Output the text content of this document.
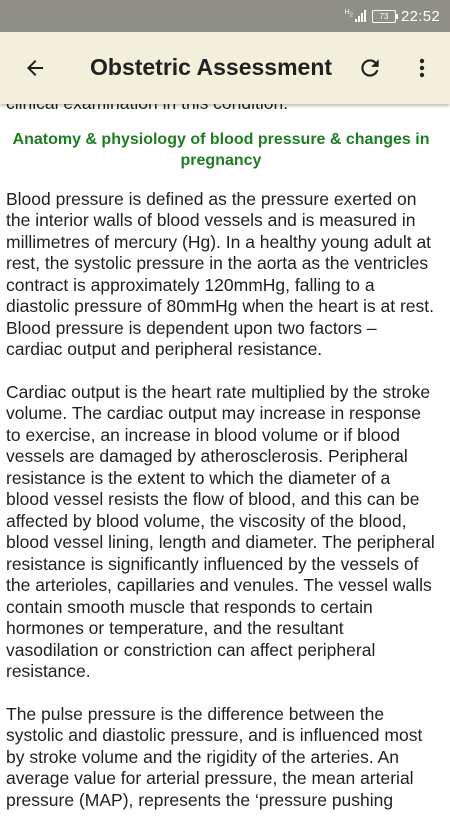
$H_2$	73 22:52
Obstetric Assessment

Anatomy & physiology of blood pressure & changes in pregnancy

Blood pressure is defined as the pressure exerted on the interior walls of blood vessels and is measured in millimetres of mercury (Hg). In a healthy young adult at rest, the systolic pressure in the aorta as the ventricles contract is approximately 120mmHg, falling to a diastolic pressure of 80mmHg when the heart is at rest. Blood pressure is dependent upon two factors – cardiac output and peripheral resistance.

Cardiac output is the heart rate multiplied by the stroke volume. The cardiac output may increase in response to exercise, an increase in blood volume or if blood vessels are damaged by atherosclerosis. Peripheral resistance is the extent to which the diameter of a blood vessel resists the flow of blood, and this can be affected by blood volume, the viscosity of the blood, blood vessel lining, length and diameter. The peripheral resistance is significantly influenced by the vessels of the arterioles, capillaries and venules. The vessel walls contain smooth muscle that responds to certain hormones or temperature, and the resultant vasodilation or constriction can affect peripheral resistance.

The pulse pressure is the difference between the systolic and diastolic pressure, and is influenced most by stroke volume and the rigidity of the arteries. An average value for arterial pressure, the mean arterial pressure (MAP), represents the ‘pressure pushing
